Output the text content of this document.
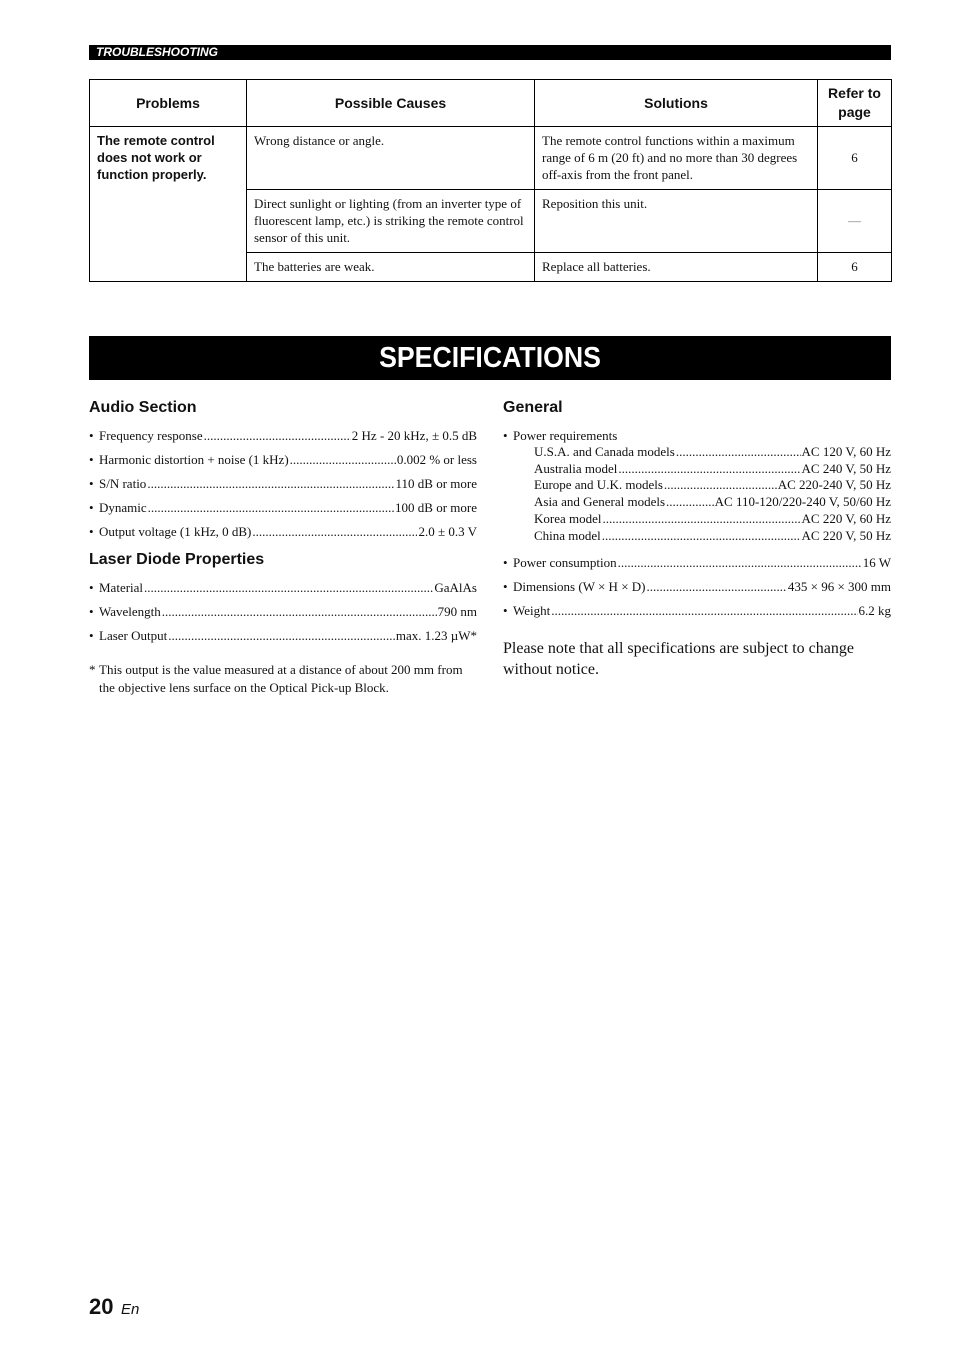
TROUBLESHOOTING
Problems	Possible Causes	Solutions	Refer to page
The remote control does not work or function properly.	Wrong distance or angle.	The remote control functions within a maximum range of 6 m (20 ft) and no more than 30 degrees off-axis from the front panel.	6
	Direct sunlight or lighting (from an inverter type of fluorescent lamp, etc.) is striking the remote control sensor of this unit.	Reposition this unit.	—
	The batteries are weak.	Replace all batteries.	6
SPECIFICATIONS
Audio Section
• Frequency response .....	2 Hz - 20 kHz, ± 0.5 dB
• Harmonic distortion + noise (1 kHz) .....	0.002 % or less
• S/N ratio .....	110 dB or more
• Dynamic .....	100 dB or more
• Output voltage (1 kHz, 0 dB) .....	2.0 ± 0.3 V
Laser Diode Properties
• Material .....	GaAlAs
• Wavelength .....	790 nm
• Laser Output .....	max. 1.23 µW*
* This output is the value measured at a distance of about 200 mm from the objective lens surface on the Optical Pick-up Block.
General
• Power requirements
U.S.A. and Canada models .....	AC 120 V, 60 Hz
Australia model .....	AC 240 V, 50 Hz
Europe and U.K. models .....	AC 220-240 V, 50 Hz
Asia and General models .....	AC 110-120/220-240 V, 50/60 Hz
Korea model .....	AC 220 V, 60 Hz
China model .....	AC 220 V, 50 Hz
• Power consumption .....	16 W
• Dimensions (W × H × D) .....	435 × 96 × 300 mm
• Weight .....	6.2 kg
Please note that all specifications are subject to change without notice.
20 En
